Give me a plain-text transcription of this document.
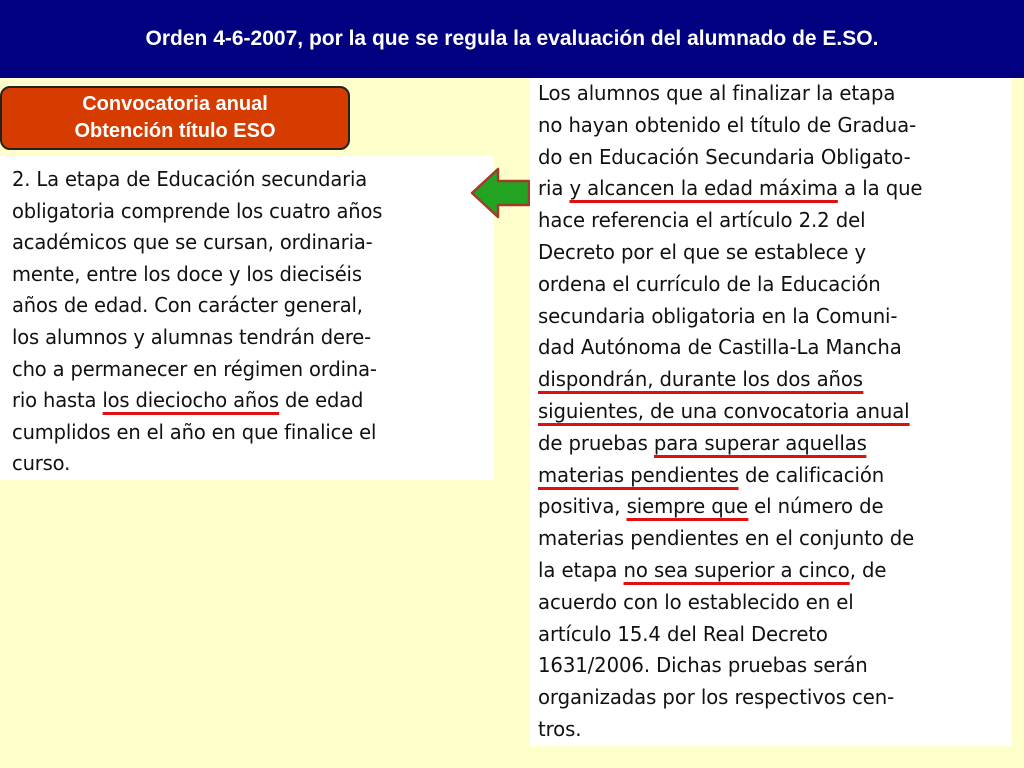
Orden 4-6-2007, por la que se regula la evaluación del alumnado de E.SO.
Convocatoria anual
Obtención título ESO
2. La etapa de Educación secundaria
obligatoria comprende los cuatro años
académicos que se cursan, ordinaria-
mente, entre los doce y los dieciséis
años de edad. Con carácter general,
los alumnos y alumnas tendrán dere-
cho a permanecer en régimen ordina-
rio hasta los dieciocho años de edad
cumplidos en el año en que finalice el
curso.
Los alumnos que al finalizar la etapa
no hayan obtenido el título de Gradua-
do en Educación Secundaria Obligato-
ria y alcancen la edad máxima a la que
hace referencia el artículo 2.2 del
Decreto por el que se establece y
ordena el currículo de la Educación
secundaria obligatoria en la Comuni-
dad Autónoma de Castilla-La Mancha
dispondrán, durante los dos años
siguientes, de una convocatoria anual
de pruebas para superar aquellas
materias pendientes de calificación
positiva, siempre que el número de
materias pendientes en el conjunto de
la etapa no sea superior a cinco, de
acuerdo con lo establecido en el
artículo 15.4 del Real Decreto
1631/2006. Dichas pruebas serán
organizadas por los respectivos cen-
tros.
